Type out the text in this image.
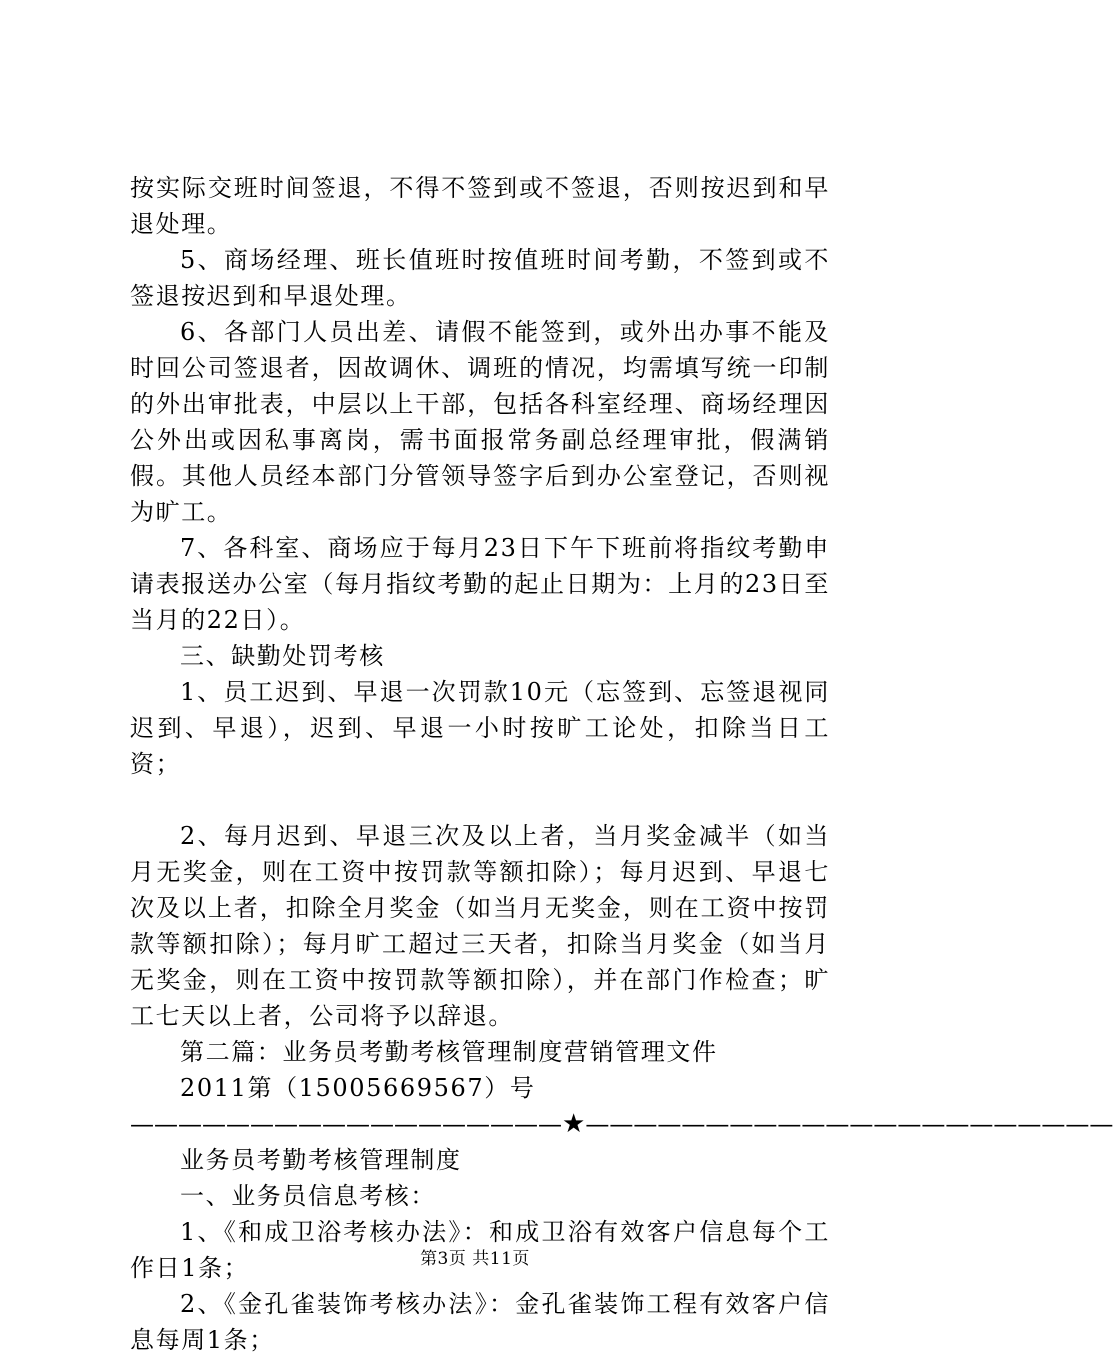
按实际交班时间签退，不得不签到或不签退，否则按迟到和早退处理。

5、商场经理、班长值班时按值班时间考勤，不签到或不签退按迟到和早退处理。

6、各部门人员出差、请假不能签到，或外出办事不能及时回公司签退者，因故调休、调班的情况，均需填写统一印制的外出审批表，中层以上干部，包括各科室经理、商场经理因公外出或因私事离岗，需书面报常务副总经理审批，假满销假。其他人员经本部门分管领导签字后到办公室登记，否则视为旷工。

7、各科室、商场应于每月23日下午下班前将指纹考勤申请表报送办公室（每月指纹考勤的起止日期为：上月的23日至当月的22日）。

三、缺勤处罚考核

1、员工迟到、早退一次罚款10元（忘签到、忘签退视同迟到、早退），迟到、早退一小时按旷工论处，扣除当日工资；

2、每月迟到、早退三次及以上者，当月奖金减半（如当月无奖金，则在工资中按罚款等额扣除）；每月迟到、早退七次及以上者，扣除全月奖金（如当月无奖金，则在工资中按罚款等额扣除）；每月旷工超过三天者，扣除当月奖金（如当月无奖金，则在工资中按罚款等额扣除），并在部门作检查；旷工七天以上者，公司将予以辞退。

第二篇：业务员考勤考核管理制度营销管理文件

2011第（15005669567）号

——————————————————★——————————————————————

业务员考勤考核管理制度

一、业务员信息考核：

1、《和成卫浴考核办法》：和成卫浴有效客户信息每个工作日1条；

2、《金孔雀装饰考核办法》：金孔雀装饰工程有效客户信息每周1条；

第3页 共11页
